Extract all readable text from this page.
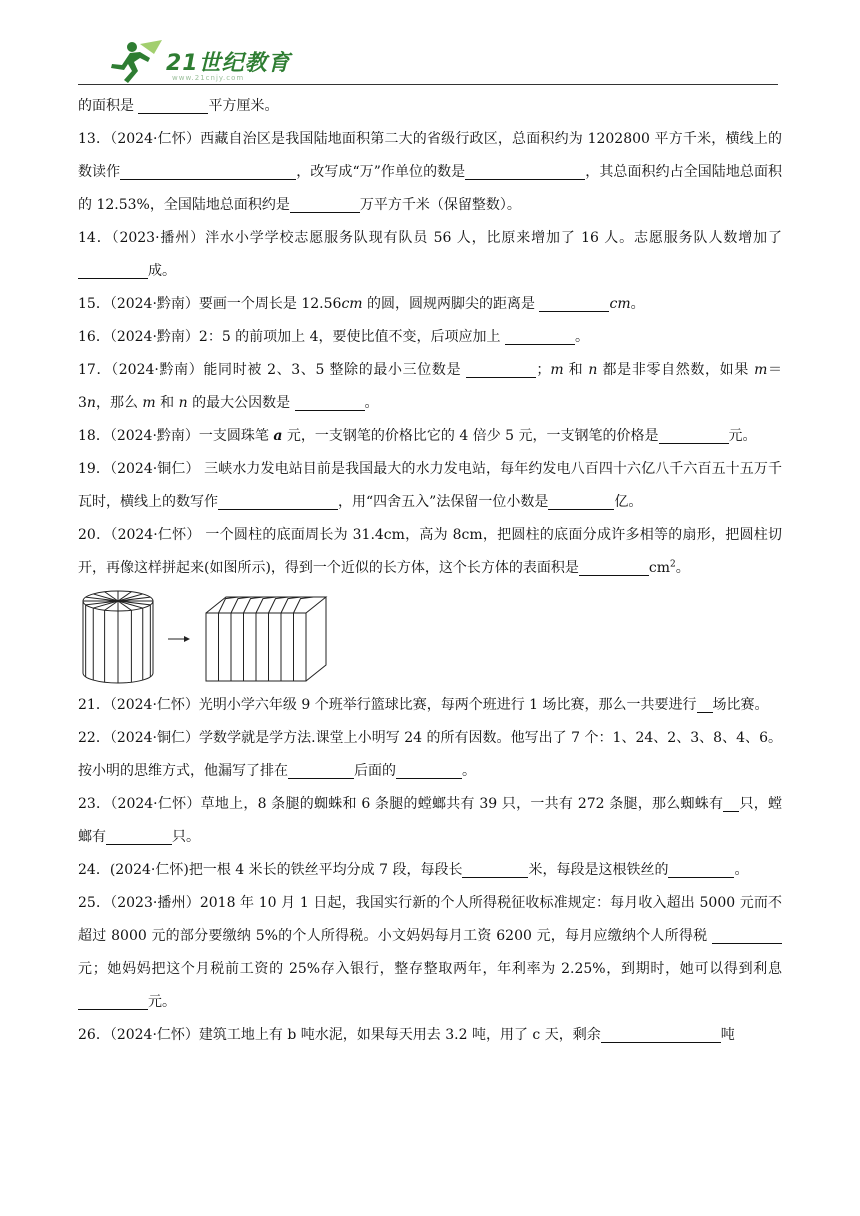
21世纪教育
www.21cnjy.com

的面积是	平方厘米。

13．（2024·仁怀）西藏自治区是我国陆地面积第二大的省级行政区，总面积约为 1202800 平方千米，横线上的数读作	，改写成“万”作单位的数是	，其总面积约占全国陆地总面积的 12.53%，全国陆地总面积约是	万平方千米（保留整数）。

14．（2023·播州）泮水小学学校志愿服务队现有队员 56 人，比原来增加了 16 人。志愿服务队人数增加了 成。

15．（2024·黔南）要画一个周长是 12.56cm 的圆，圆规两脚尖的距离是	cm。

16．（2024·黔南）2：5 的前项加上 4，要使比值不变，后项应加上	。

17．（2024·黔南）能同时被 2、3、5 整除的最小三位数是	；m 和 n 都是非零自然数，如果 m＝3n，那么 m 和 n 的最大公因数是	。

18．（2024·黔南）一支圆珠笔 a 元，一支钢笔的价格比它的 4 倍少 5 元，一支钢笔的价格是	元。

19．（2024·铜仁） 三峡水力发电站目前是我国最大的水力发电站，每年约发电八百四十六亿八千六百五十五万千瓦时，横线上的数写作	，用“四舍五入”法保留一位小数是	亿。

20．（2024·仁怀） 一个圆柱的底面周长为 31.4cm，高为 8cm，把圆柱的底面分成许多相等的扇形，把圆柱切开，再像这样拼起来(如图所示)，得到一个近似的长方体，这个长方体的表面积是	$cm^2$。

21．（2024·仁怀）光明小学六年级 9 个班举行篮球比赛，每两个班进行 1 场比赛，那么一共要进行 场比赛。

22．（2024·铜仁）学数学就是学方法.课堂上小明写 24 的所有因数。他写出了 7 个：1、24、2、3、8、4、6。按小明的思维方式，他漏写了排在	后面的	。

23．（2024·仁怀）草地上，8 条腿的蜘蛛和 6 条腿的螳螂共有 39 只，一共有 272 条腿，那么蜘蛛有 只，螳螂有	只。

24．(2024·仁怀)把一根 4 米长的铁丝平均分成 7 段，每段长	米，每段是这根铁丝的	。

25．（2023·播州）2018 年 10 月 1 日起，我国实行新的个人所得税征收标准规定：每月收入超出 5000 元而不超过 8000 元的部分要缴纳 5%的个人所得税。小文妈妈每月工资 6200 元，每月应缴纳个人所得税 元；她妈妈把这个月税前工资的 25%存入银行，整存整取两年，年利率为 2.25%，到期时，她可以得到利息 元。

26．（2024·仁怀）建筑工地上有 b 吨水泥，如果每天用去 3.2 吨，用了 c 天，剩余	吨
